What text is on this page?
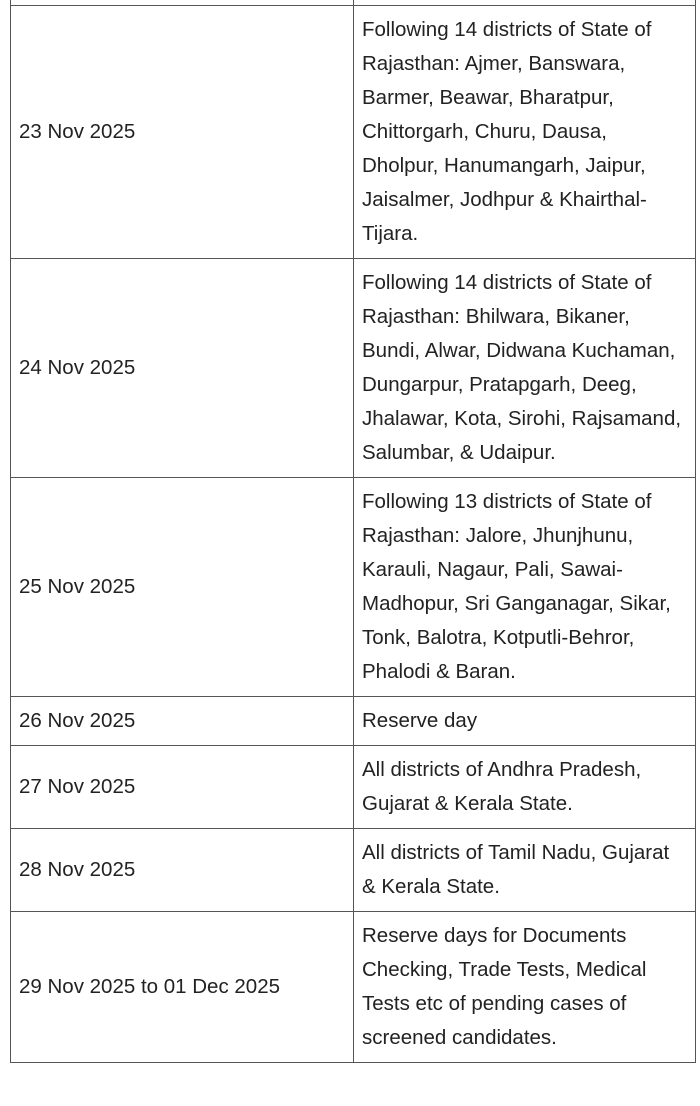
23 Nov 2025	Following 14 districts of State of Rajasthan: Ajmer, Banswara, Barmer, Beawar, Bharatpur, Chittorgarh, Churu, Dausa, Dholpur, Hanumangarh, Jaipur, Jaisalmer, Jodhpur & Khairthal-Tijara.
24 Nov 2025	Following 14 districts of State of Rajasthan: Bhilwara, Bikaner, Bundi, Alwar, Didwana Kuchaman, Dungarpur, Pratapgarh, Deeg, Jhalawar, Kota, Sirohi, Rajsamand, Salumbar, & Udaipur.
25 Nov 2025	Following 13 districts of State of Rajasthan: Jalore, Jhunjhunu, Karauli, Nagaur, Pali, Sawai-Madhopur, Sri Ganganagar, Sikar, Tonk, Balotra, Kotputli-Behror, Phalodi & Baran.
26 Nov 2025	Reserve day
27 Nov 2025	All districts of Andhra Pradesh, Gujarat & Kerala State.
28 Nov 2025	All districts of Tamil Nadu, Gujarat & Kerala State.
29 Nov 2025 to 01 Dec 2025	Reserve days for Documents Checking, Trade Tests, Medical Tests etc of pending cases of screened candidates.
